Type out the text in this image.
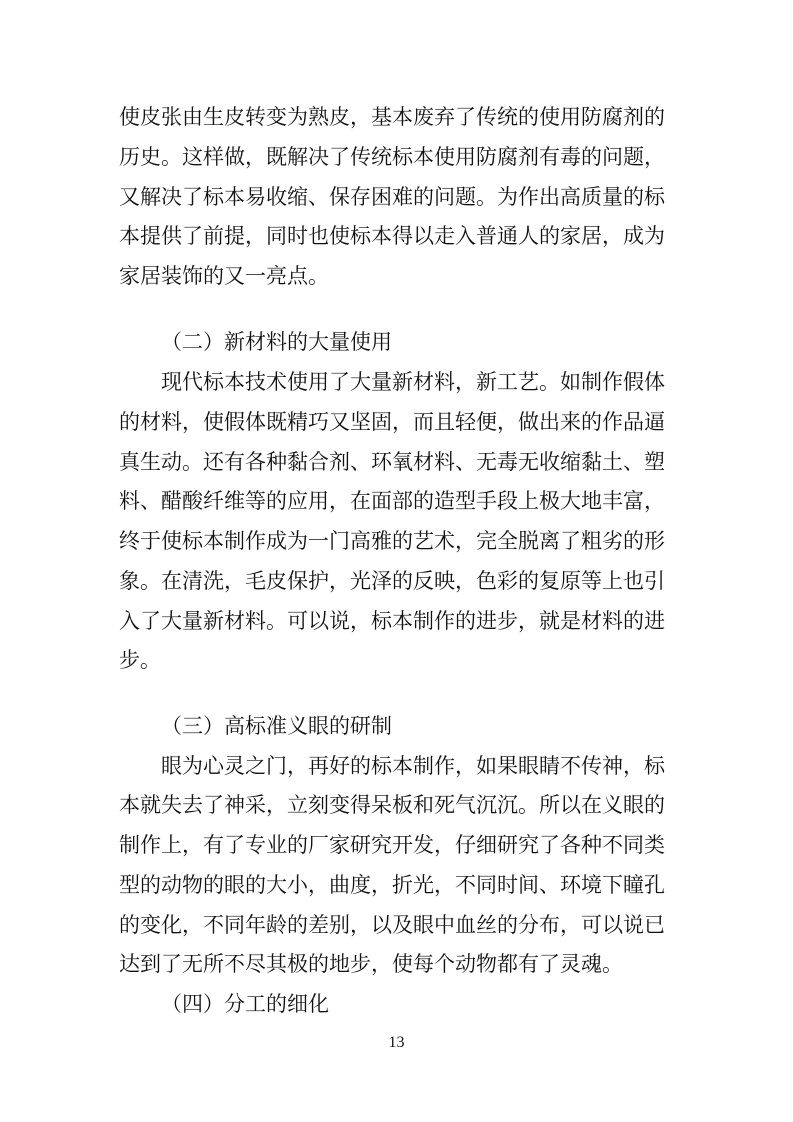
使皮张由生皮转变为熟皮，基本废弃了传统的使用防腐剂的
历史。这样做，既解决了传统标本使用防腐剂有毒的问题，
又解决了标本易收缩、保存困难的问题。为作出高质量的标
本提供了前提，同时也使标本得以走入普通人的家居，成为
家居装饰的又一亮点。
（二）新材料的大量使用
现代标本技术使用了大量新材料，新工艺。如制作假体
的材料，使假体既精巧又坚固，而且轻便，做出来的作品逼
真生动。还有各种黏合剂、环氧材料、无毒无收缩黏土、塑
料、醋酸纤维等的应用，在面部的造型手段上极大地丰富，
终于使标本制作成为一门高雅的艺术，完全脱离了粗劣的形
象。在清洗，毛皮保护，光泽的反映，色彩的复原等上也引
入了大量新材料。可以说，标本制作的进步，就是材料的进
步。
（三）高标准义眼的研制
眼为心灵之门，再好的标本制作，如果眼睛不传神，标
本就失去了神采，立刻变得呆板和死气沉沉。所以在义眼的
制作上，有了专业的厂家研究开发，仔细研究了各种不同类
型的动物的眼的大小，曲度，折光，不同时间、环境下瞳孔
的变化，不同年龄的差别，以及眼中血丝的分布，可以说已
达到了无所不尽其极的地步，使每个动物都有了灵魂。
（四）分工的细化
13
